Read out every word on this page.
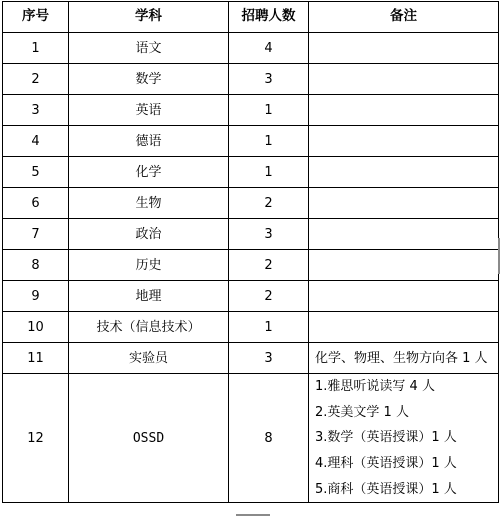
序号	学科	招聘人数	备注
1	语文	4	
2	数学	3	
3	英语	1	
4	德语	1	
5	化学	1	
6	生物	2	
7	政治	3	
8	历史	2	
9	地理	2	
10	技术（信息技术）	1	
11	实验员	3	化学、物理、生物方向各 1 人
12	OSSD	8	1.雅思听说读写 4 人
2.英美文学 1 人
3.数学（英语授课）1 人
4.理科（英语授课）1 人
5.商科（英语授课）1 人
